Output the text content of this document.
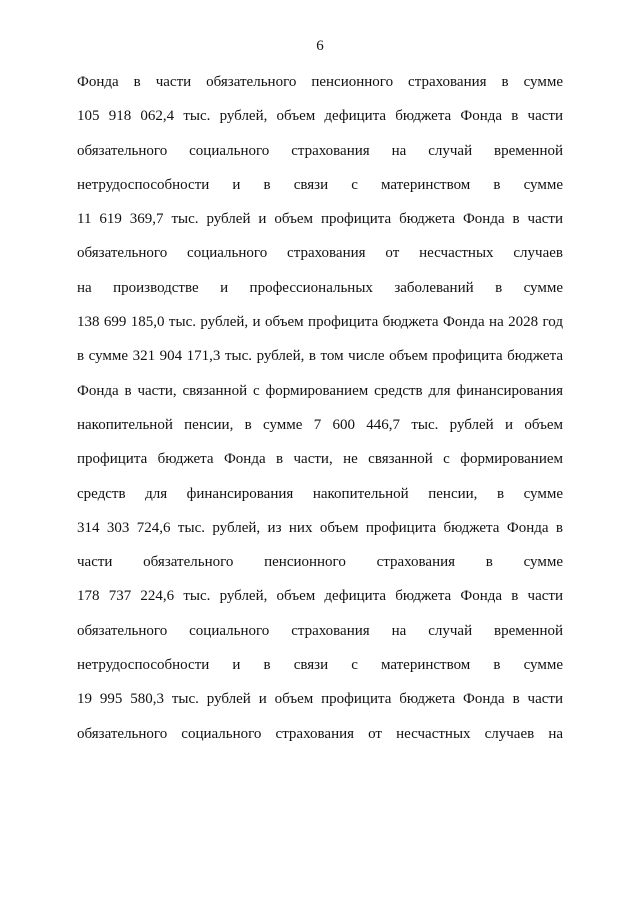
6
Фонда в части обязательного пенсионного страхования в сумме
105 918 062,4 тыс. рублей, объем дефицита бюджета Фонда в части
обязательного социального страхования на случай временной
нетрудоспособности и в связи с материнством в сумме
11 619 369,7 тыс. рублей и объем профицита бюджета Фонда в части
обязательного социального страхования от несчастных случаев
на производстве и профессиональных заболеваний в сумме
138 699 185,0 тыс. рублей, и объем профицита бюджета Фонда на 2028 год
в сумме 321 904 171,3 тыс. рублей, в том числе объем профицита бюджета
Фонда в части, связанной с формированием средств для финансирования
накопительной пенсии, в сумме 7 600 446,7 тыс. рублей и объем
профицита бюджета Фонда в части, не связанной с формированием
средств для финансирования накопительной пенсии, в сумме
314 303 724,6 тыс. рублей, из них объем профицита бюджета Фонда в
части обязательного пенсионного страхования в сумме
178 737 224,6 тыс. рублей, объем дефицита бюджета Фонда в части
обязательного социального страхования на случай временной
нетрудоспособности и в связи с материнством в сумме
19 995 580,3 тыс. рублей и объем профицита бюджета Фонда в части
обязательного социального страхования от несчастных случаев на
